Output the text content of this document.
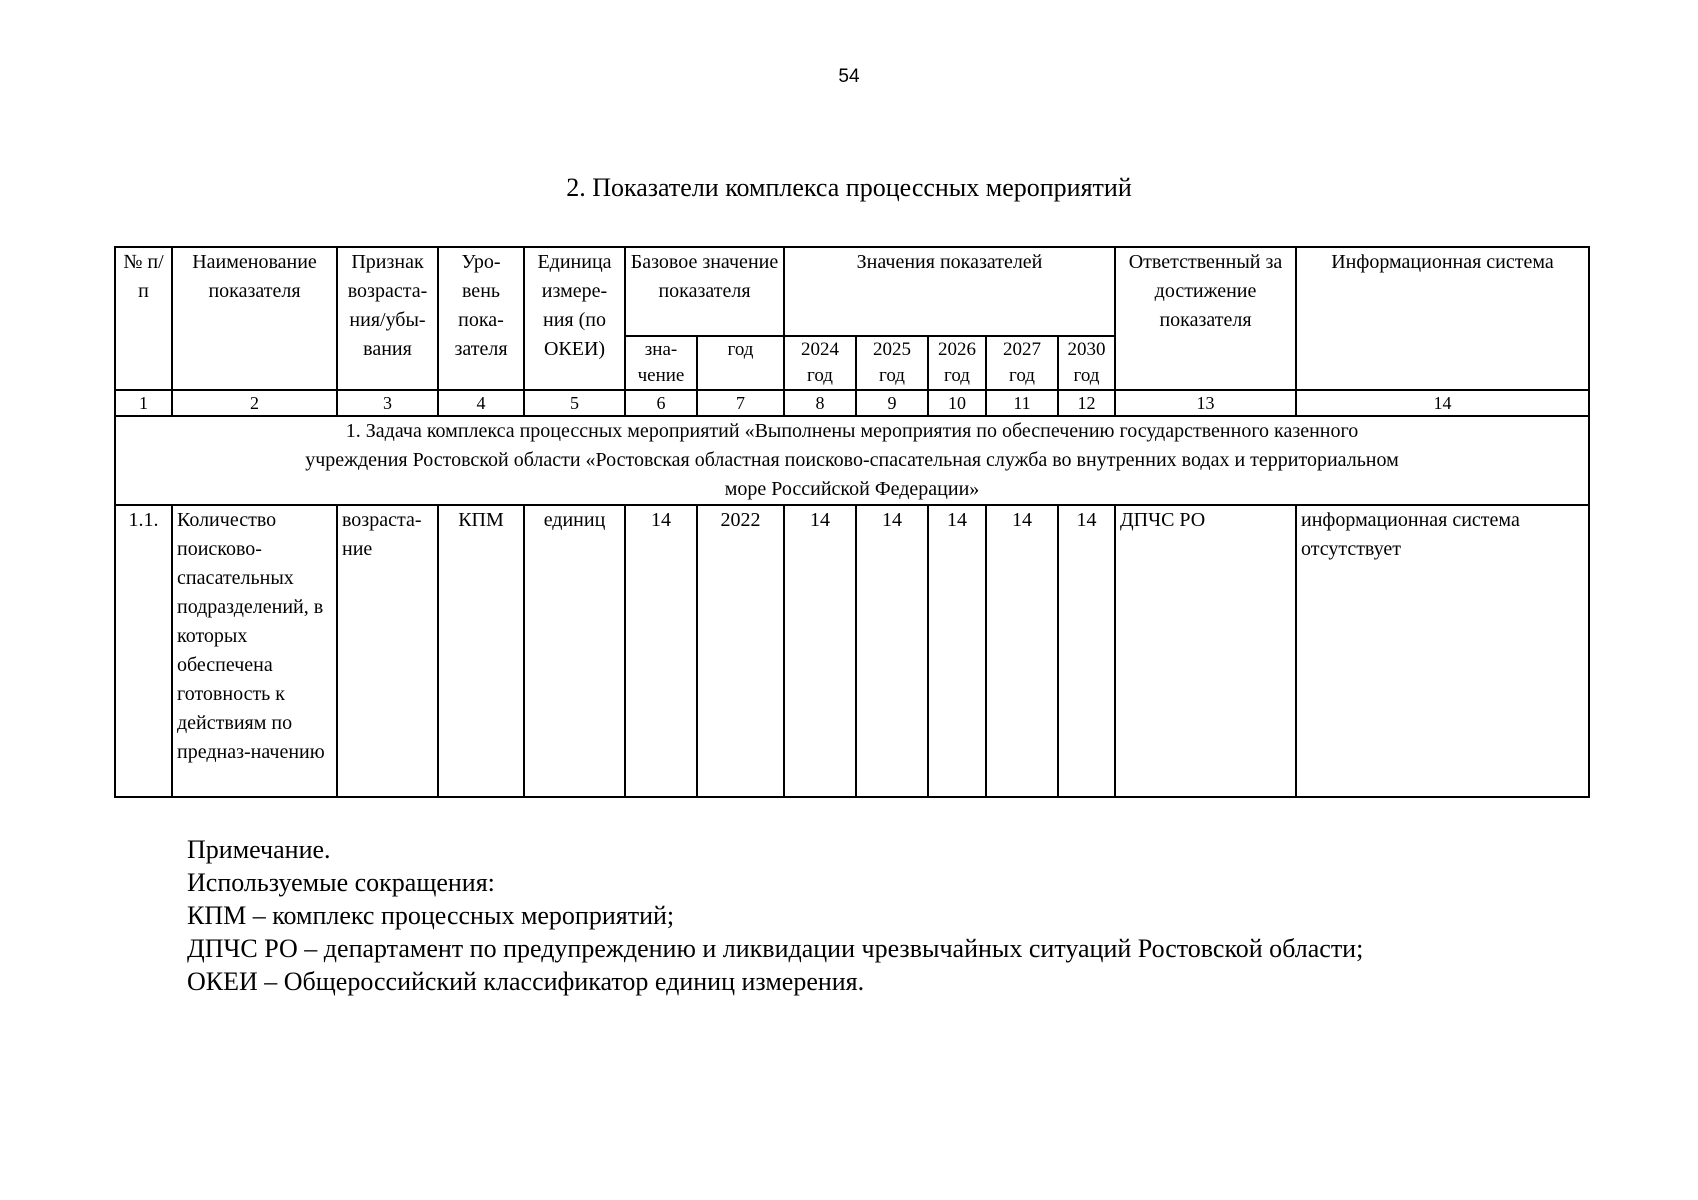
54
2. Показатели комплекса процессных мероприятий
№ п/п	Наименование показателя	Признак возраста-ния/убы-вания	Уро-вень пока-зателя	Единица измере-ния (по ОКЕИ)	Базовое значение показателя		Значения показателей					Ответственный за достижение показателя	Информационная система
					зна-чение	год	2024 год	2025 год	2026 год	2027 год	2030 год		
1	2	3	4	5	6	7	8	9	10	11	12	13	14
1. Задача комплекса процессных мероприятий «Выполнены мероприятия по обеспечению государственного казенного учреждения Ростовской области «Ростовская областная поисково-спасательная служба во внутренних водах и территориальном море Российской Федерации»													
1.1.	Количество поисково-спасательных подразделений, в которых обеспечена готовность к действиям по предназ-начению	возраста-ние	КПМ	единиц	14	2022	14	14	14	14	14	ДПЧС РО	информационная система отсутствует
Примечание.
Используемые сокращения:
КПМ – комплекс процессных мероприятий;
ДПЧС РО – департамент по предупреждению и ликвидации чрезвычайных ситуаций Ростовской области;
ОКЕИ – Общероссийский классификатор единиц измерения.
